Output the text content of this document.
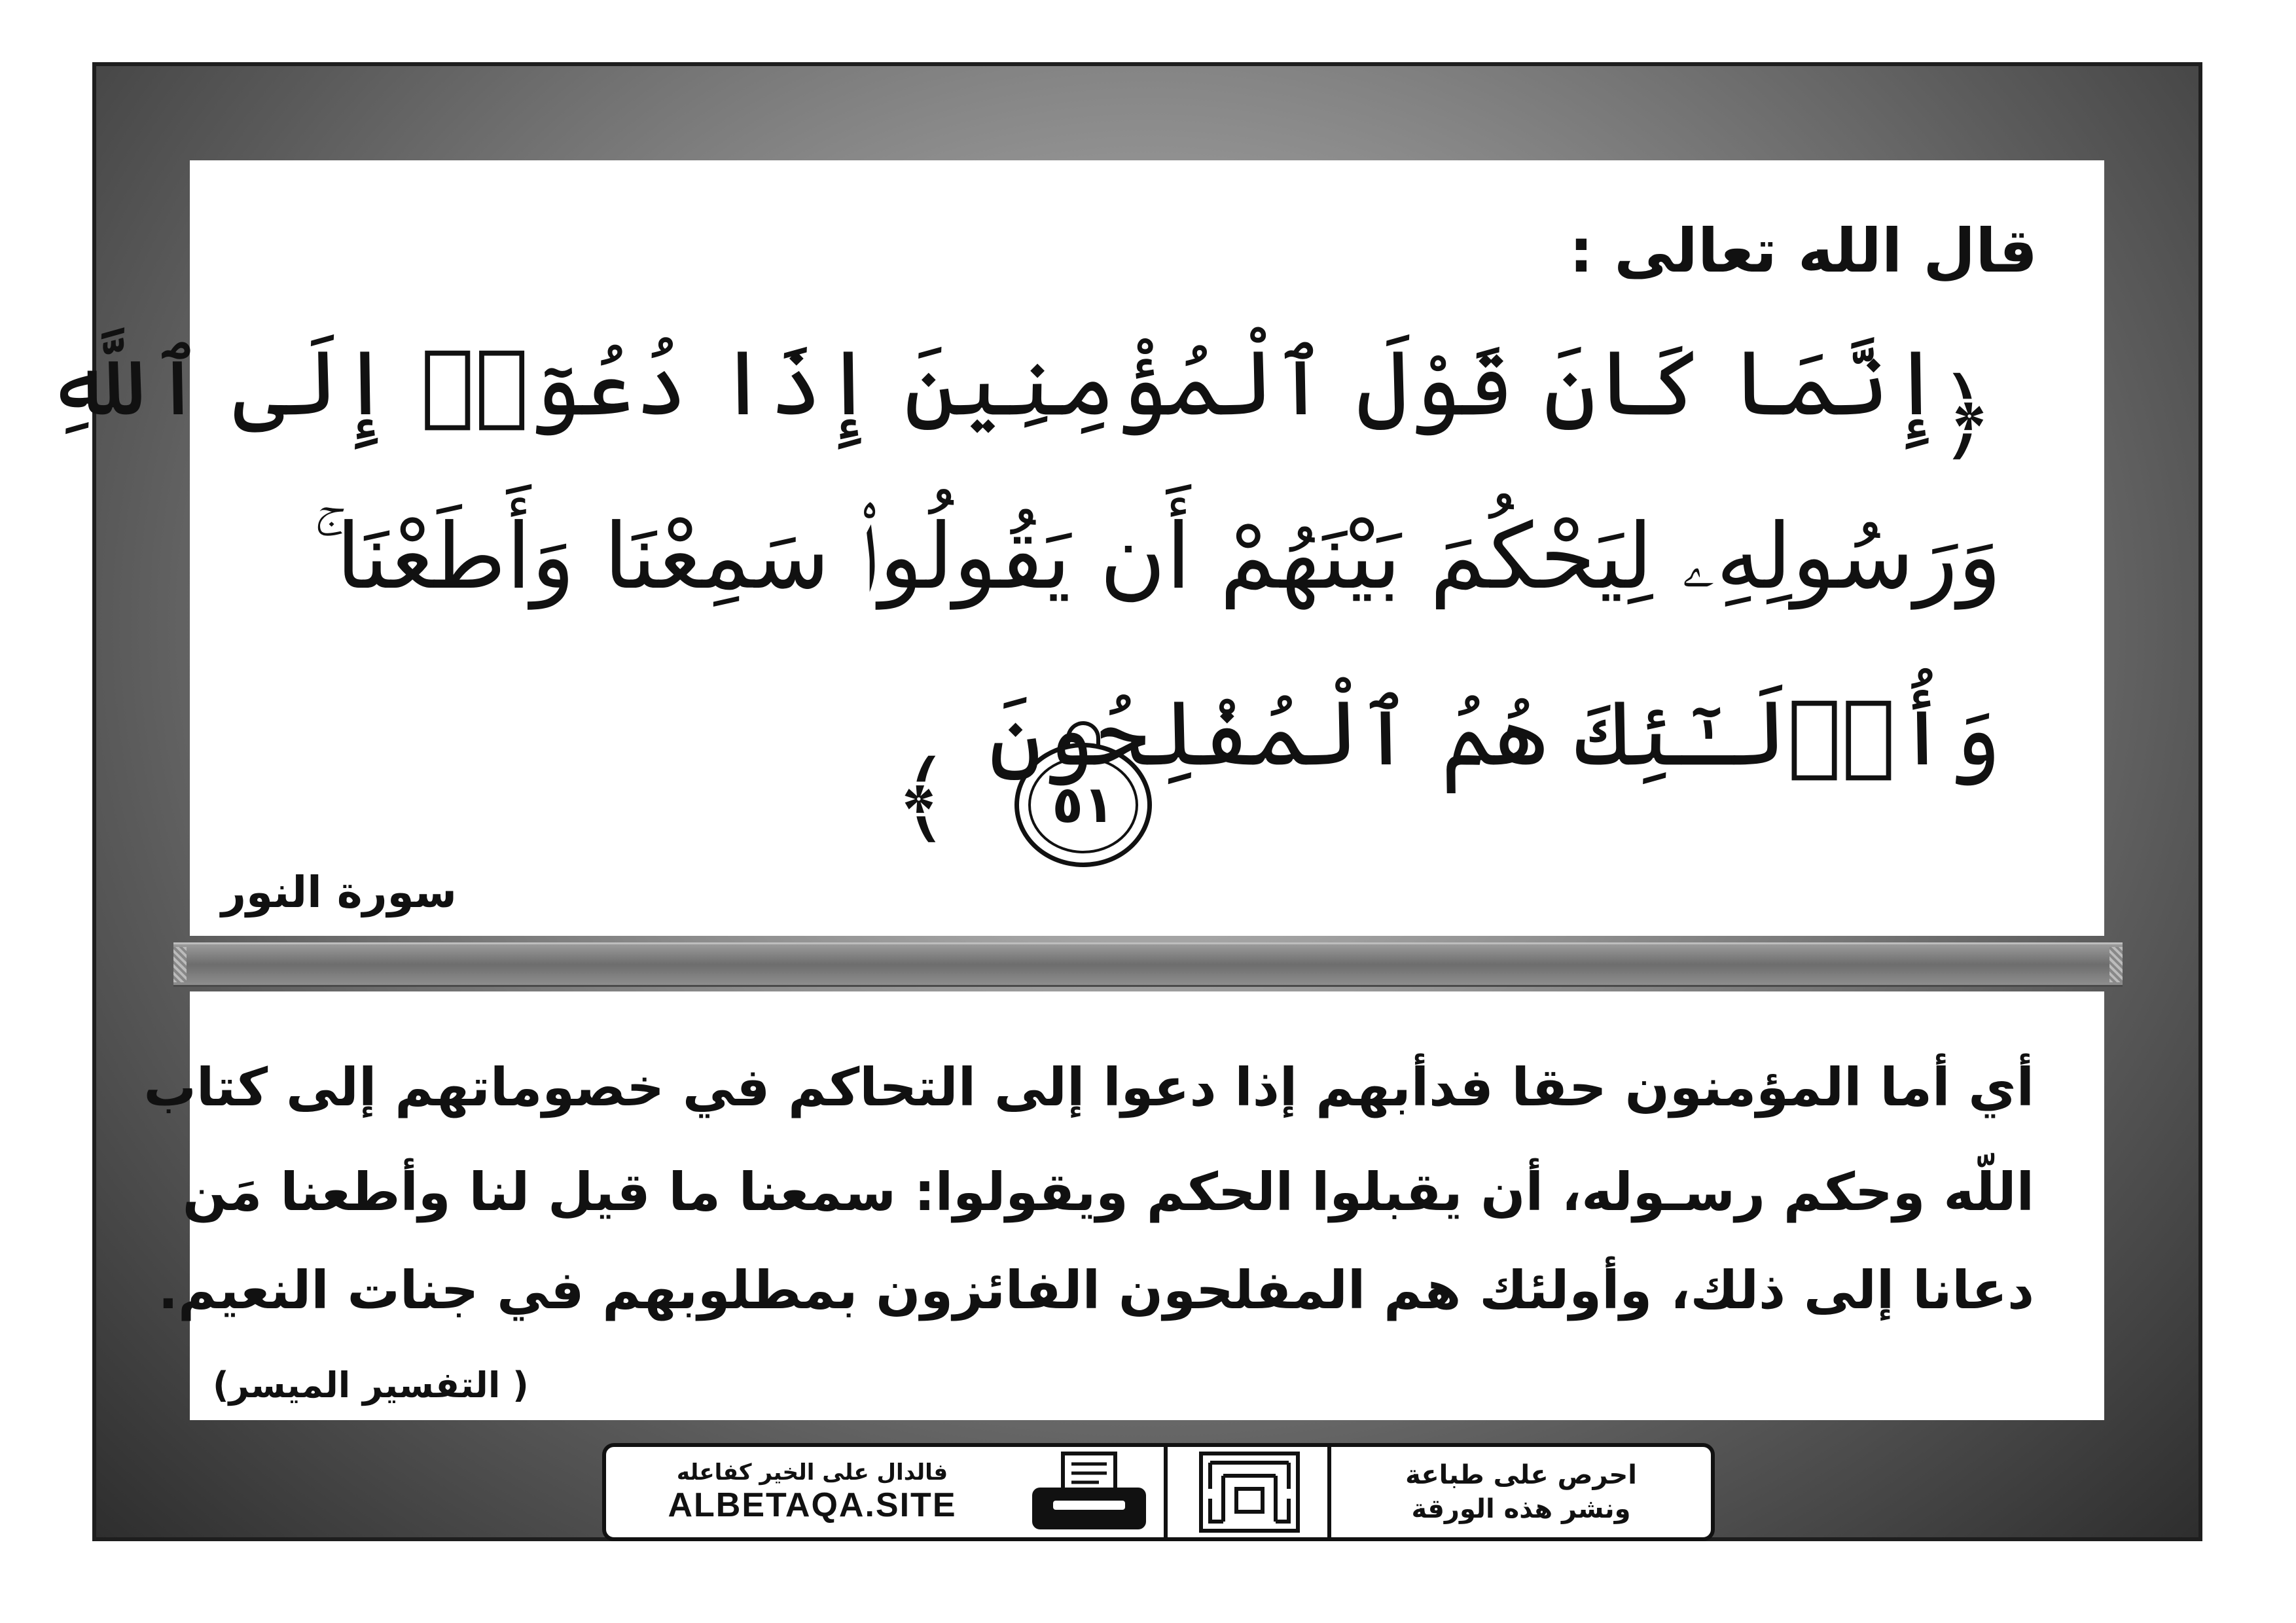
قال الله تعالى :
﴿
إِنَّمَا كَانَ قَوْلَ ٱلْمُؤْمِنِينَ إِذَا دُعُوٓا۟ إِلَى ٱللَّهِ
وَرَسُولِهِۦ لِيَحْكُمَ بَيْنَهُمْ أَن يَقُولُوا۟ سَمِعْنَا وَأَطَعْنَا ۚ
وَأُو۟لَـٰٓئِكَ هُمُ ٱلْمُفْلِحُونَ
٥١
﴾
سورة النور
أي أما المؤمنون حقا فدأبهم إذا دعوا إلى التحاكم في خصوماتهم إلى كتاب
اللّه وحكم رسـوله، أن يقبلوا الحكم ويقولوا: سمعنا ما قيل لنا وأطعنا مَن
دعانا إلى ذلك، وأولئك هم المفلحون الفائزون بمطلوبهم في جنات النعيم.
( التفسير الميسر)
احرص على طباعة
ونشر هذه الورقة
دعوة الورقة
فالدال على الخير كفاعله
ALBETAQA.SITE
